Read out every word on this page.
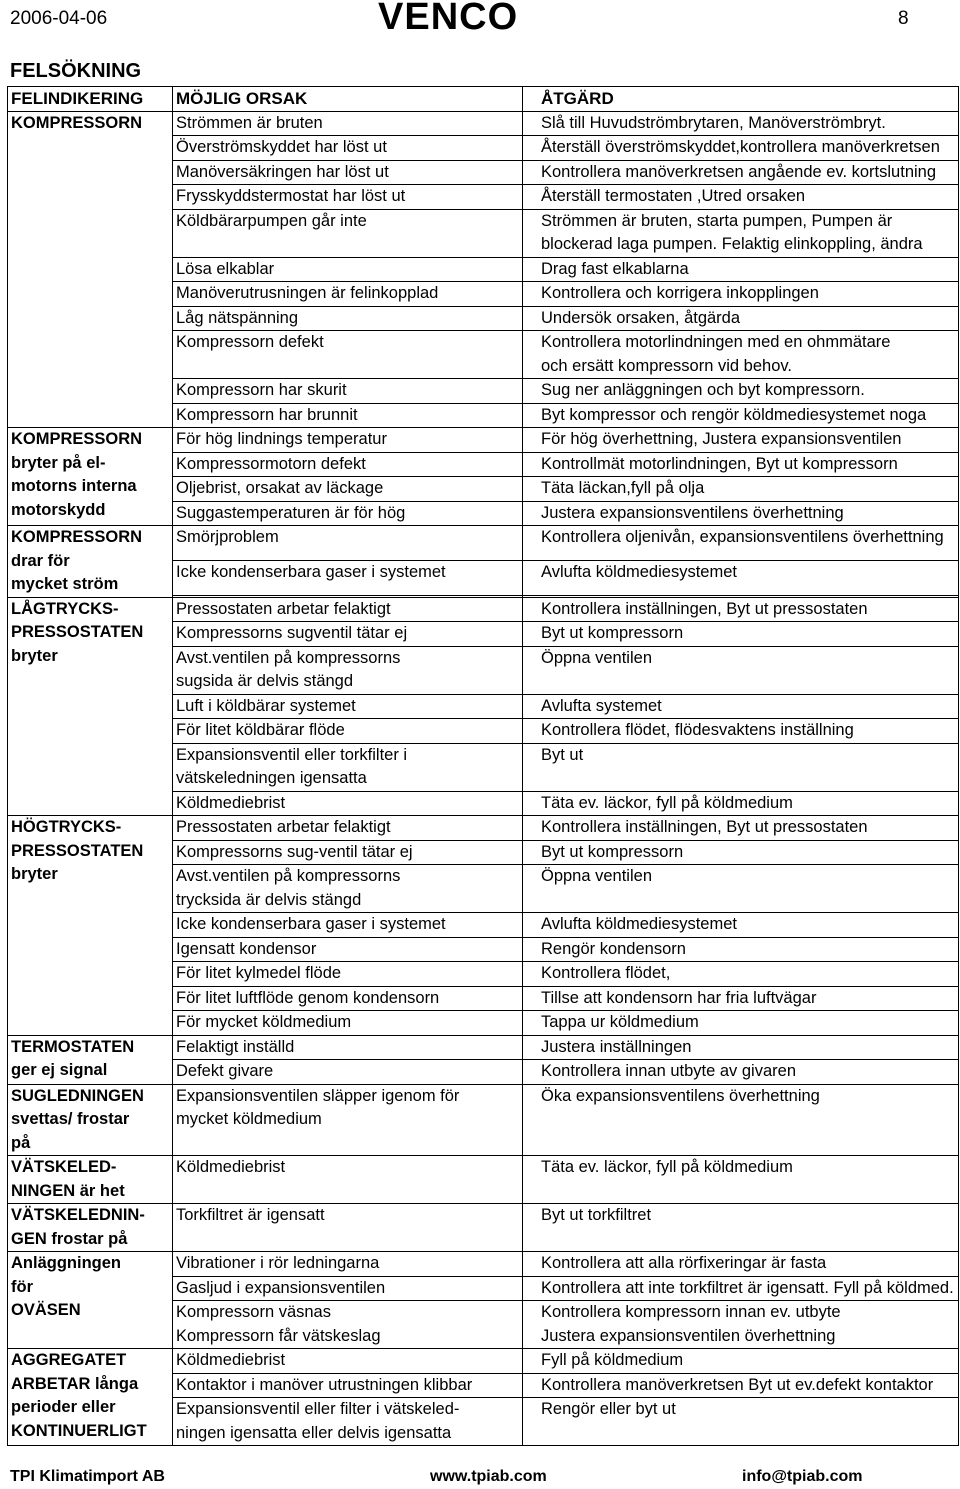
2006-04-06	VENCO	8
FELSÖKNING
FELINDIKERING	MÖJLIG ORSAK	ÅTGÄRD

KOMPRESSORN	Strömmen är bruten	Slå till Huvudströmbrytaren, Manöverströmbryt.

	Överströmskyddet har löst ut	Återställ överströmskyddet,kontrollera manöverkretsen

	Manöversäkringen har löst ut	Kontrollera manöverkretsen angående ev. kortslutning

	Frysskyddstermostat har löst ut	Återställ termostaten ,Utred orsaken

	Köldbärarpumpen går inte	Strömmen är bruten, starta pumpen, Pumpen är
blockerad laga pumpen. Felaktig elinkoppling, ändra

	Lösa elkablar	Drag fast elkablarna

	Manöverutrusningen är felinkopplad	Kontrollera och korrigera inkopplingen

	Låg nätspänning	Undersök orsaken, åtgärda

	Kompressorn defekt	Kontrollera motorlindningen med en ohmmätare
och ersätt kompressorn vid behov.

	Kompressorn har skurit	Sug ner anläggningen och byt kompressorn.

	Kompressorn har brunnit	Byt kompressor och rengör köldmediesystemet noga

KOMPRESSORN
bryter på el-
motorns interna
motorskydd	För hög lindnings temperatur	För hög överhettning, Justera expansionsventilen

	Kompressormotorn defekt	Kontrollmät motorlindningen, Byt ut kompressorn

	Oljebrist, orsakat av läckage	Täta läckan,fyll på olja

	Suggastemperaturen är för hög	Justera expansionsventilens överhettning

KOMPRESSORN
drar för
mycket ström	Smörjproblem	Kontrollera oljenivån, expansionsventilens överhettning

	Icke kondenserbara gaser i systemet	Avlufta köldmediesystemet

LÅGTRYCKS-
PRESSOSTATEN
bryter	Pressostaten arbetar felaktigt	Kontrollera inställningen, Byt ut pressostaten

	Kompressorns sugventil tätar ej	Byt ut kompressorn

	Avst.ventilen på kompressorns
sugsida är delvis stängd	Öppna ventilen

	Luft i köldbärar systemet	Avlufta systemet

	För litet köldbärar flöde	Kontrollera flödet, flödesvaktens inställning

	Expansionsventil eller torkfilter i
vätskeledningen igensatta	Byt ut

	Köldmediebrist	Täta ev. läckor, fyll på köldmedium

HÖGTRYCKS-
PRESSOSTATEN
bryter	Pressostaten arbetar felaktigt	Kontrollera inställningen, Byt ut pressostaten

	Kompressorns sug-ventil tätar ej	Byt ut kompressorn

	Avst.ventilen på kompressorns
trycksida är delvis stängd	Öppna ventilen

	Icke kondenserbara gaser i systemet	Avlufta köldmediesystemet

	Igensatt kondensor	Rengör kondensorn

	För litet kylmedel flöde	Kontrollera flödet,

	För litet luftflöde genom kondensorn	Tillse att kondensorn har fria luftvägar

	För mycket köldmedium	Tappa ur köldmedium

TERMOSTATEN
ger ej signal	Felaktigt inställd	Justera inställningen

	Defekt givare	Kontrollera innan utbyte av givaren

SUGLEDNINGEN
svettas/ frostar
på	Expansionsventilen släpper igenom för
mycket köldmedium	Öka expansionsventilens överhettning

VÄTSKELED-
NINGEN är het	Köldmediebrist	Täta ev. läckor, fyll på köldmedium

VÄTSKELEDNIN-
GEN frostar på	Torkfiltret är igensatt	Byt ut torkfiltret

Anläggningen
för
OVÄSEN	Vibrationer i rör ledningarna	Kontrollera att alla rörfixeringar är fasta

	Gasljud i expansionsventilen	Kontrollera att inte torkfiltret är igensatt. Fyll på köldmed.

	Kompressorn väsnas
Kompressorn får vätskeslag	Kontrollera kompressorn innan ev. utbyte
Justera expansionsventilen överhettning

AGGREGATET
ARBETAR långa
perioder eller
KONTINUERLIGT	Köldmediebrist	Fyll på köldmedium

	Kontaktor i manöver utrustningen klibbar	Kontrollera manöverkretsen Byt ut ev.defekt kontaktor

	Expansionsventil eller filter i vätskeled-
ningen igensatta eller delvis igensatta	Rengör eller byt ut
TPI Klimatimport AB	www.tpiab.com	info@tpiab.com
